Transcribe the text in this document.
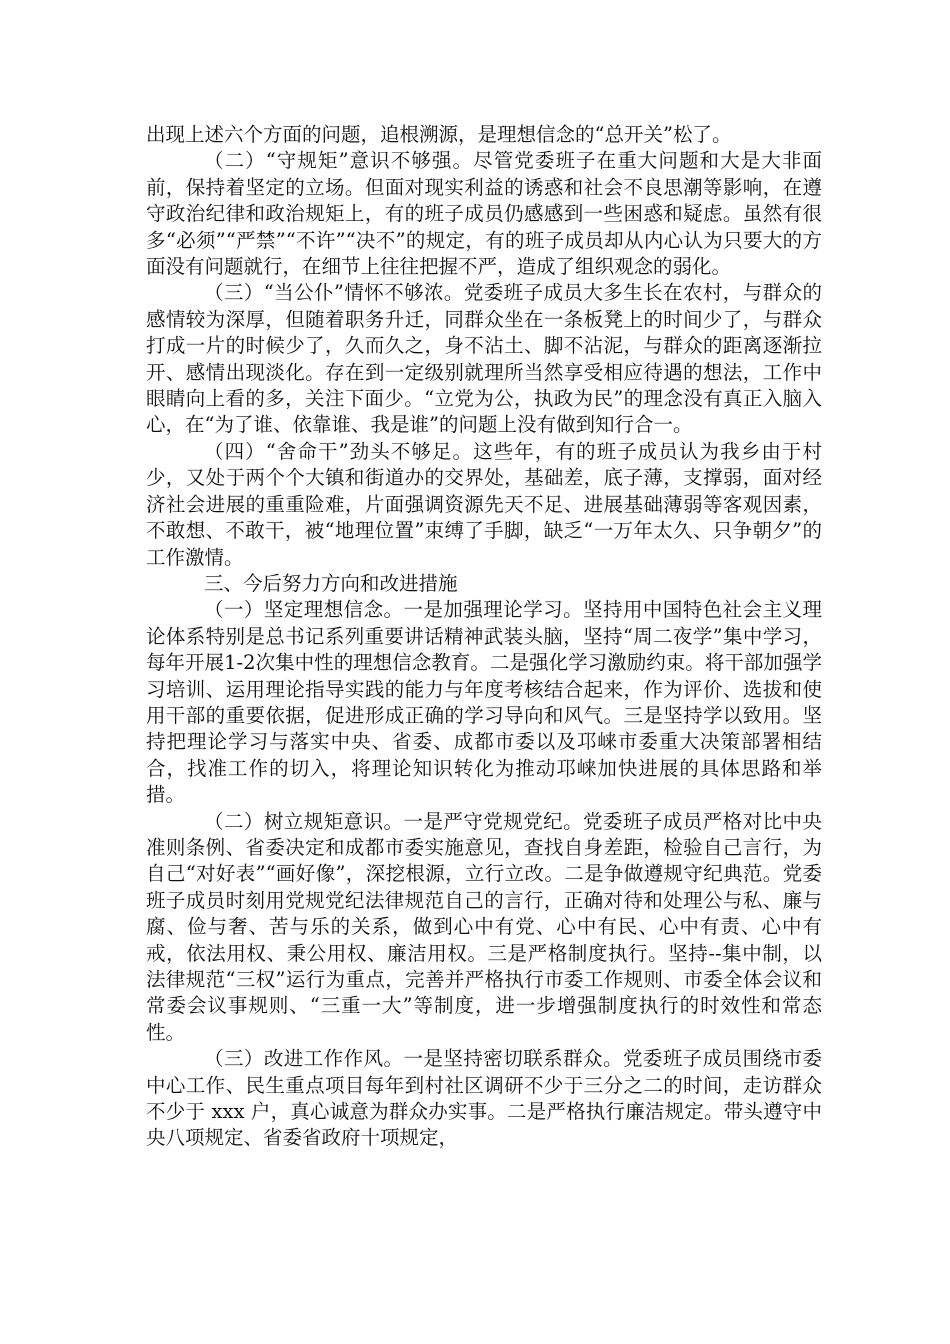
出现上述六个方面的问题，追根溯源，是理想信念的“总开关”松了。

（二）“守规矩”意识不够强。尽管党委班子在重大问题和大是大非面前，保持着坚定的立场。但面对现实利益的诱惑和社会不良思潮等影响，在遵守政治纪律和政治规矩上，有的班子成员仍感感到一些困惑和疑虑。虽然有很多“必须”“严禁”“不许”“决不”的规定，有的班子成员却从内心认为只要大的方面没有问题就行，在细节上往往把握不严，造成了组织观念的弱化。

（三）“当公仆”情怀不够浓。党委班子成员大多生长在农村，与群众的感情较为深厚，但随着职务升迁，同群众坐在一条板凳上的时间少了，与群众打成一片的时候少了，久而久之，身不沾土、脚不沾泥，与群众的距离逐渐拉开、感情出现淡化。存在到一定级别就理所当然享受相应待遇的想法，工作中眼睛向上看的多，关注下面少。“立党为公，执政为民”的理念没有真正入脑入心，在“为了谁、依靠谁、我是谁”的问题上没有做到知行合一。

（四）“舍命干”劲头不够足。这些年，有的班子成员认为我乡由于村少，又处于两个个大镇和街道办的交界处，基础差，底子薄，支撑弱，面对经济社会进展的重重险难，片面强调资源先天不足、进展基础薄弱等客观因素，不敢想、不敢干，被“地理位置”束缚了手脚，缺乏“一万年太久、只争朝夕”的工作激情。

三、今后努力方向和改进措施

（一）坚定理想信念。一是加强理论学习。坚持用中国特色社会主义理论体系特别是总书记系列重要讲话精神武装头脑，坚持“周二夜学”集中学习，每年开展1-2次集中性的理想信念教育。二是强化学习激励约束。将干部加强学习培训、运用理论指导实践的能力与年度考核结合起来，作为评价、选拔和使用干部的重要依据，促进形成正确的学习导向和风气。三是坚持学以致用。坚持把理论学习与落实中央、省委、成都市委以及邛崃市委重大决策部署相结合，找准工作的切入，将理论知识转化为推动邛崃加快进展的具体思路和举措。

（二）树立规矩意识。一是严守党规党纪。党委班子成员严格对比中央准则条例、省委决定和成都市委实施意见，查找自身差距，检验自己言行，为自己“对好表”“画好像”，深挖根源，立行立改。二是争做遵规守纪典范。党委班子成员时刻用党规党纪法律规范自己的言行，正确对待和处理公与私、廉与腐、俭与奢、苦与乐的关系，做到心中有党、心中有民、心中有责、心中有戒，依法用权、秉公用权、廉洁用权。三是严格制度执行。坚持--集中制，以法律规范“三权”运行为重点，完善并严格执行市委工作规则、市委全体会议和常委会议事规则、“三重一大”等制度，进一步增强制度执行的时效性和常态性。

（三）改进工作作风。一是坚持密切联系群众。党委班子成员围绕市委中心工作、民生重点项目每年到村社区调研不少于三分之二的时间，走访群众不少于 xxx 户，真心诚意为群众办实事。二是严格执行廉洁规定。带头遵守中央八项规定、省委省政府十项规定，
